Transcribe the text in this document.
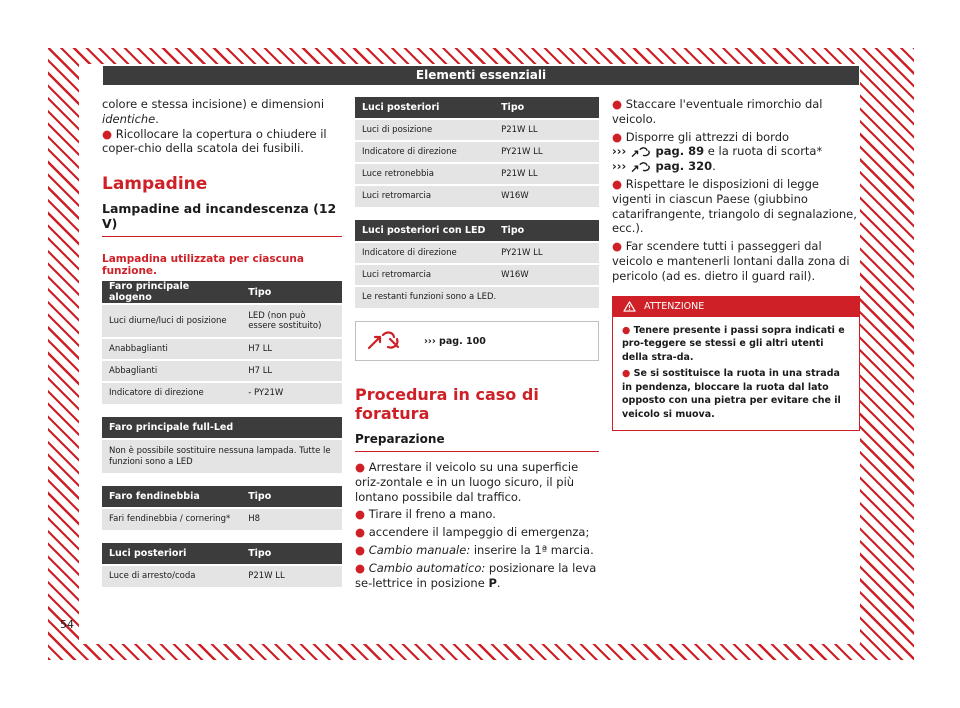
Elementi essenziali

colore e stessa incisione) e dimensioni identiche.

● Ricollocare la copertura o chiudere il coper-chio della scatola dei fusibili.

Lampadine
Lampadine ad incandescenza (12 V)
Lampadina utilizzata per ciascuna funzione.
Faro principale alogeno	Tipo
Luci diurne/luci di posizione	LED (non può essere sostituito)
Anabbaglianti	H7 LL
Abbaglianti	H7 LL
Indicatore di direzione	- PY21W
Faro principale full-Led
Non è possibile sostituire nessuna lampada. Tutte le funzioni sono a LED
Faro fendinebbia	Tipo
Fari fendinebbia / cornering*	H8
Luci posteriori	Tipo
Luce di arresto/coda	P21W LL
Luci posteriori	Tipo
Luci di posizione	P21W LL
Indicatore di direzione	PY21W LL
Luce retronebbia	P21W LL
Luci retromarcia	W16W
Luci posteriori con LED	Tipo
Indicatore di direzione	PY21W LL
Luci retromarcia	W16W
Le restanti funzioni sono a LED.	
››› pag. 100
Procedura in caso di foratura
Preparazione

● Arrestare il veicolo su una superficie oriz-zontale e in un luogo sicuro, il più lontano possibile dal traffico.

● Tirare il freno a mano.

● accendere il lampeggio di emergenza;

● Cambio manuale: inserire la 1ª marcia.

● Cambio automatico: posizionare la leva se-lettrice in posizione P.

● Staccare l'eventuale rimorchio dal veicolo.

● Disporre gli attrezzi di bordo

›››	pag. 89 e la ruota di scorta*

›››	pag. 320.

● Rispettare le disposizioni di legge vigenti in ciascun Paese (giubbino catarifrangente, triangolo di segnalazione, ecc.).

● Far scendere tutti i passeggeri dal veicolo e mantenerli lontani dalla zona di pericolo (ad es. dietro il guard rail).

ATTENZIONE

● Tenere presente i passi sopra indicati e pro-teggere se stessi e gli altri utenti della stra-da.

● Se si sostituisce la ruota in una strada in pendenza, bloccare la ruota dal lato opposto con una pietra per evitare che il veicolo si muova.

54
